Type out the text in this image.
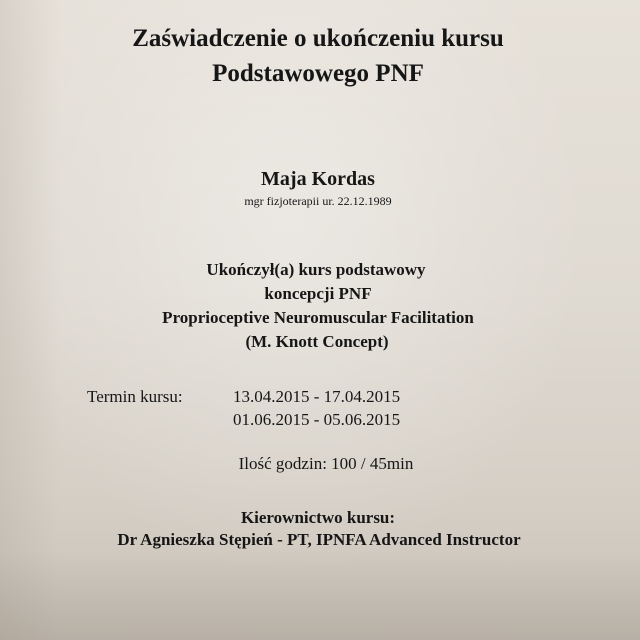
Zaświadczenie o ukończeniu kursu
Podstawowego PNF
Maja Kordas
mgr fizjoterapii ur. 22.12.1989
Ukończył(a) kurs podstawowy
koncepcji PNF
Proprioceptive Neuromuscular Facilitation
(M. Knott Concept)
Termin kursu:	13.04.2015 - 17.04.2015
01.06.2015 - 05.06.2015
Ilość godzin: 100 / 45min
Kierownictwo kursu:
Dr Agnieszka Stępień - PT, IPNFA Advanced Instructor
